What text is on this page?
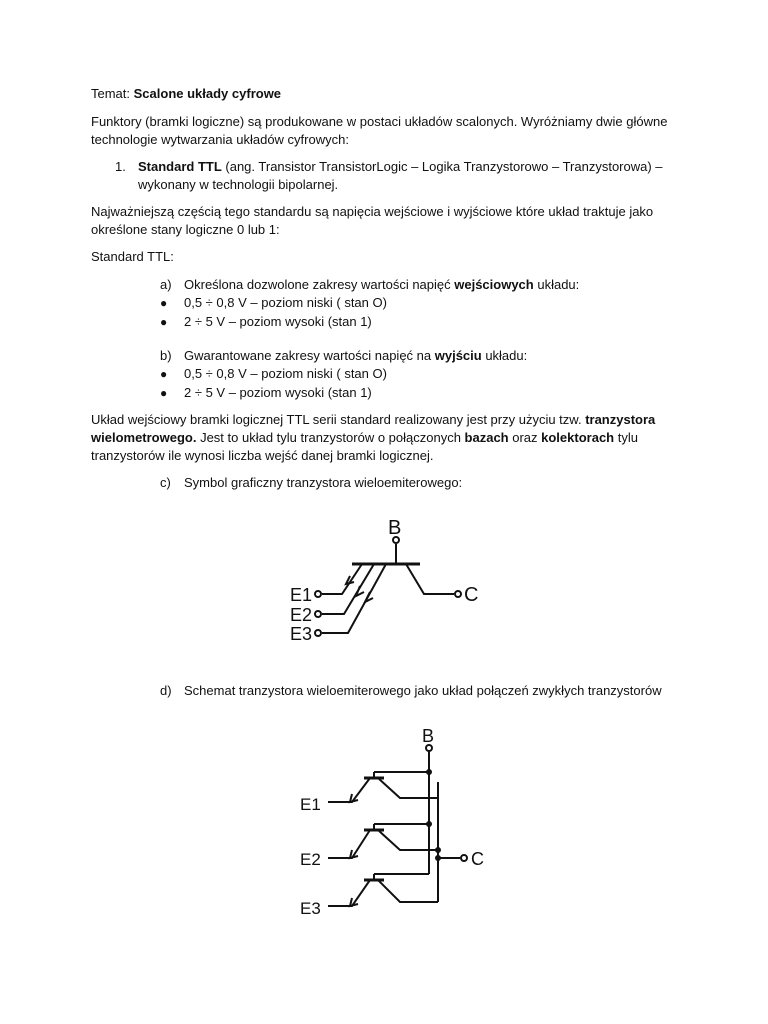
Temat: Scalone układy cyfrowe
Funktory (bramki logiczne) są produkowane w postaci układów scalonych. Wyróżniamy dwie główne
technologie wytwarzania układów cyfrowych:
1. Standard TTL (ang. Transistor TransistorLogic – Logika Tranzystorowo – Tranzystorowa) –
wykonany w technologii bipolarnej.
Najważniejszą częścią tego standardu są napięcia wejściowe i wyjściowe które układ traktuje jako
określone stany logiczne 0 lub 1:
Standard TTL:
a) Określona dozwolone zakresy wartości napięć wejściowych układu:
● 0,5 ÷ 0,8 V – poziom niski ( stan O)
● 2 ÷ 5 V – poziom wysoki (stan 1)
b) Gwarantowane zakresy wartości napięć na wyjściu układu:
● 0,5 ÷ 0,8 V – poziom niski ( stan O)
● 2 ÷ 5 V – poziom wysoki (stan 1)
Układ wejściowy bramki logicznej TTL serii standard realizowany jest przy użyciu tzw. tranzystora
wielometrowego. Jest to układ tylu tranzystorów o połączonych bazach oraz kolektorach tylu
tranzystorów ile wynosi liczba wejść danej bramki logicznej.
c) Symbol graficzny tranzystora wieloemiterowego:
B
C
E1
E2
E3
d) Schemat tranzystora wieloemiterowego jako układ połączeń zwykłych tranzystorów
B
C
E1
E2
E3
